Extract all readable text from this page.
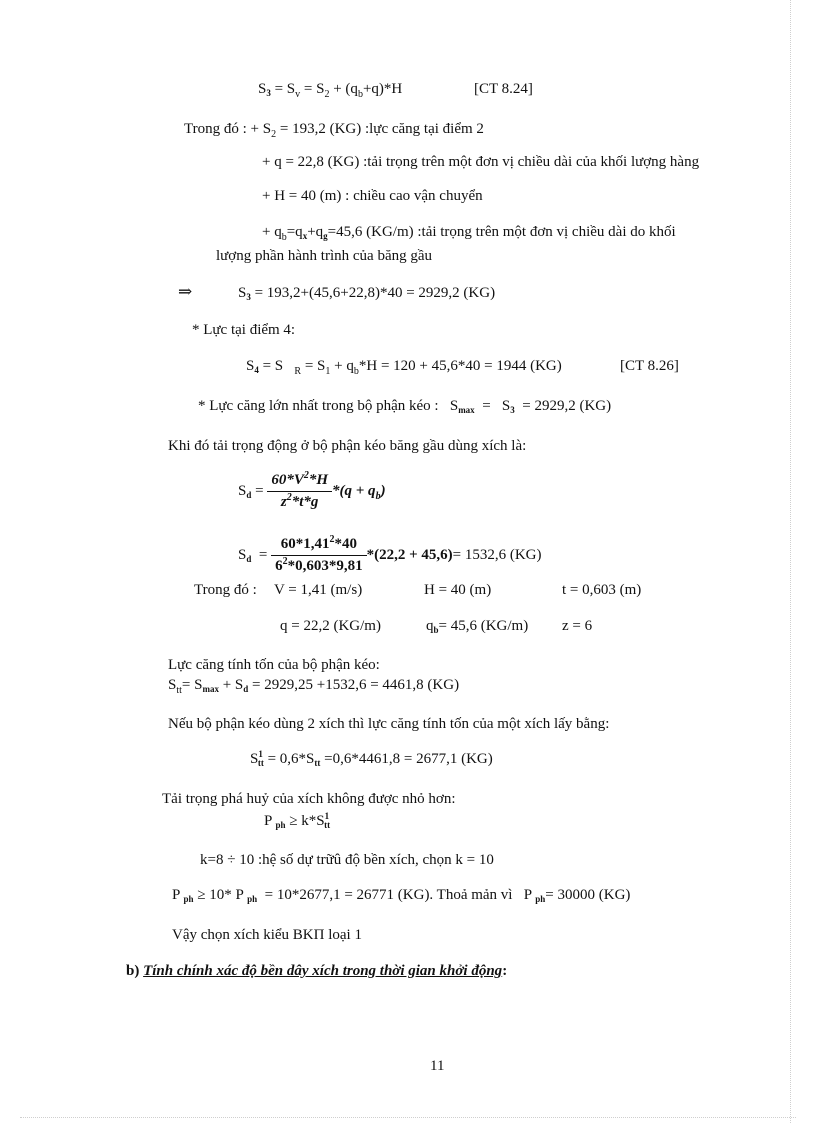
$S_3 = S_v = S_2 + (q_b+q)*H$	[CT 8.24]
Trong đó : + $S_2 = 193,2$ (KG) :lực căng tại điểm 2
+ q = 22,8 (KG) :tải trọng trên một đơn vị chiều dài của khối lượng hàng
+ H = 40 (m) : chiều cao vận chuyển
+ $q_b=q_x+q_g=45,6$ (KG/m) :tải trọng trên một đơn vị chiều dài do khối
lượng phần hành trình của băng gầu
⇒	$S_3 = 193,2+(45,6+22,8)*40 = 2929,2$ (KG)
* Lực tại điểm 4:
$S_4 = S$   $_R = S_1 + q_b*H = 120 + 45,6*40 = 1944$ (KG)	[CT 8.26]
* Lực căng lớn nhất trong bộ phận kéo :   $S_{max} = S_3 = 2929,2$ (KG)
Khi đó tải trọng động ở bộ phận kéo băng gầu dùng xích là:
$S_d = \frac{60*V^2*H}{z^2*t*g} *(q + q_b)$
$S_d = \frac{60*1,41^2*40}{6^2*0,603*9,81} *(22,2 + 45,6)= 1532,6$ (KG)
Trong đó : V = 1,41 (m/s)	H = 40 (m)	t = 0,603 (m)
q = 22,2 (KG/m)	$q_b= 45,6$ (KG/m) z = 6
Lực căng tính tốn của bộ phận kéo:
$S_{tt}= S_{max} + S_d = 2929,25 +1532,6 = 4461,8$ (KG)
Nếu bộ phận kéo dùng 2 xích thì lực căng tính tốn của một xích lấy bằng:
$S^1_{tt} = 0,6*S_{tt} =0,6*4461,8 = 2677,1$ (KG)
Tải trọng phá huỷ của xích không được nhỏ hơn:
P $_{ph} \ge k*S^1_{tt}$
k=8 ÷ 10 :hệ số dự trữû độ bền xích, chọn k = 10
P $_{ph}$ ≥ 10* P $_{ph}$  = 10*2677,1 = 26771 (KG). Thoả mản vì   P $_{ph}$= 30000 (KG)
Vậy chọn xích kiểu BKП loại 1
b) Tính chính xác độ bền dây xích trong thời gian khởi động:
11
